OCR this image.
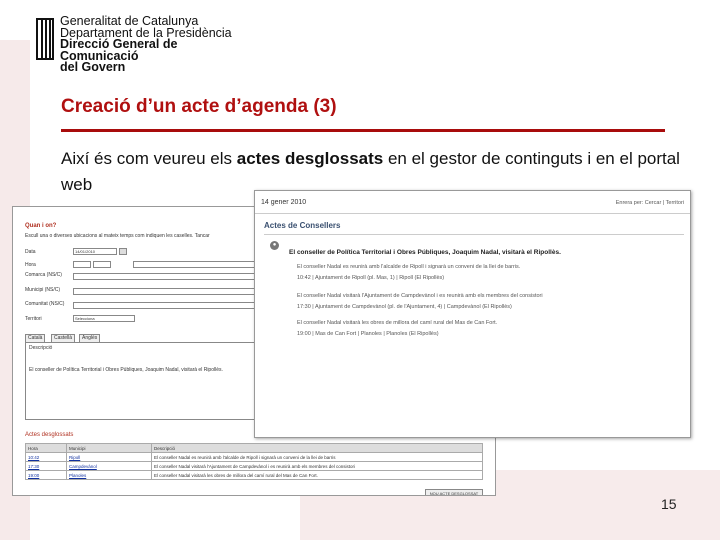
Generalitat de Catalunya
Departament de la Presidència
Direcció General de Comunicació
del Govern
Creació d’un acte d’agenda (3)
Així és com veureu els actes desglossats en el gestor de continguts i en el portal web
Quan i on?
Escull una o diverses ubicacions al mateix temps com indiquen les caselles. Tancar
Data	14/01/2010
Hora
Comarca (NS/C)
Municipi (NS/C)
Comunitat (NS/C)
Territori	Selecciona
Català	Castellà	Anglès
Descripció
El conseller de Política Territorial i Obres Públiques, Joaquim Nadal, visitarà el Ripollès.
Actes desglossats
Hora	Municipi	Descripció
10:42	Ripoll	El conseller Nadal es reunirà amb l'alcalde de Ripoll i signarà un conveni de la llei de barris
17:30	Campdevànol	El conseller Nadal visitarà l'Ajuntament de Campdevànol i es reunirà amb els membres del consistori
19:00	Planoles	El conseller Nadal visitarà les obres de millora del camí rural del Mas de Can Fort.
NOU ACTE DESGLOSSAT
14 gener 2010	Enrera per: Cercar | Territori
Actes de Consellers
●
El conseller de Política Territorial i Obres Públiques, Joaquim Nadal, visitarà el Ripollès.
El conseller Nadal es reunirà amb l'alcalde de Ripoll i signarà un conveni de la llei de barris.
10:42 | Ajuntament de Ripoll (pl. Mas, 1) | Ripoll (El Ripollès)
El conseller Nadal visitarà l'Ajuntament de Campdevànol i es reunirà amb els membres del consistori
17:30 | Ajuntament de Campdevànol (pl. de l'Ajuntament, 4) | Campdevànol (El Ripollès)
El conseller Nadal visitarà les obres de millora del camí rural del Mas de Can Fort.
19:00 | Mas de Can Fort | Planoles | Planoles (El Ripollès)
15
